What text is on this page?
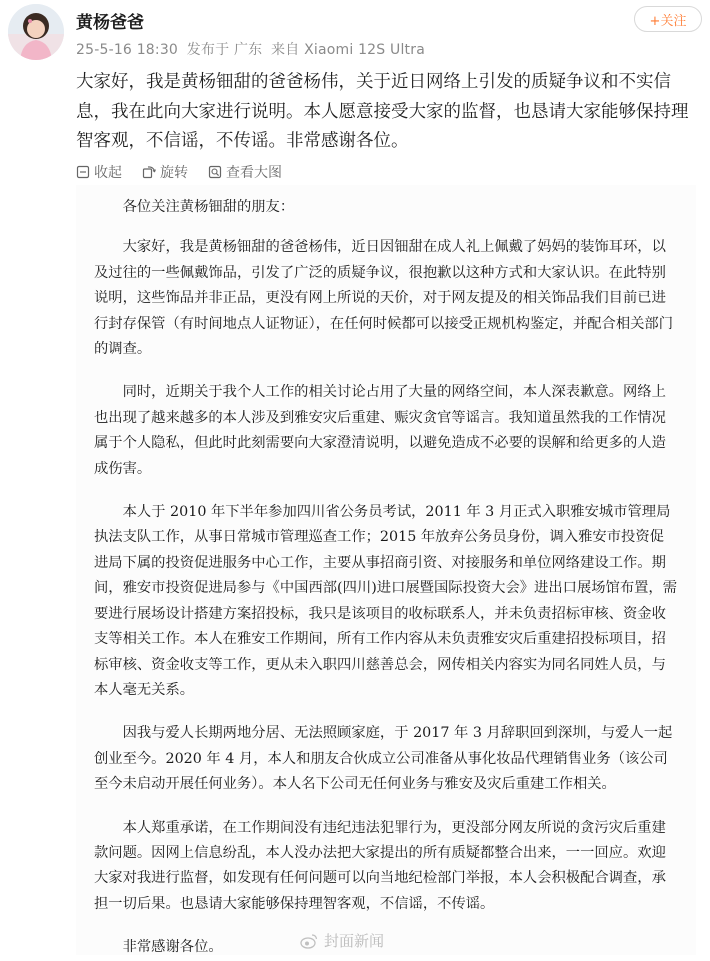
黄杨爸爸
25-5-16 18:30 发布于 广东 来自 Xiaomi 12S Ultra
+关注
大家好，我是黄杨钿甜的爸爸杨伟，关于近日网络上引发的质疑争议和不实信息，我在此向大家进行说明。本人愿意接受大家的监督，也恳请大家能够保持理智客观，不信谣，不传谣。非常感谢各位。
收起	旋转	查看大图

各位关注黄杨钿甜的朋友：

大家好，我是黄杨钿甜的爸爸杨伟，近日因钿甜在成人礼上佩戴了妈妈的装饰耳环，以及过往的一些佩戴饰品，引发了广泛的质疑争议，很抱歉以这种方式和大家认识。在此特别说明，这些饰品并非正品，更没有网上所说的天价，对于网友提及的相关饰品我们目前已进行封存保管（有时间地点人证物证），在任何时候都可以接受正规机构鉴定，并配合相关部门的调查。

同时，近期关于我个人工作的相关讨论占用了大量的网络空间，本人深表歉意。网络上也出现了越来越多的本人涉及到雅安灾后重建、赈灾贪官等谣言。我知道虽然我的工作情况属于个人隐私，但此时此刻需要向大家澄清说明，以避免造成不必要的误解和给更多的人造成伤害。

本人于 2010 年下半年参加四川省公务员考试，2011 年 3 月正式入职雅安城市管理局执法支队工作，从事日常城市管理巡查工作；2015 年放弃公务员身份，调入雅安市投资促进局下属的投资促进服务中心工作，主要从事招商引资、对接服务和单位网络建设工作。期间，雅安市投资促进局参与《中国西部(四川)进口展暨国际投资大会》进出口展场馆布置，需要进行展场设计搭建方案招投标，我只是该项目的收标联系人，并未负责招标审核、资金收支等相关工作。本人在雅安工作期间，所有工作内容从未负责雅安灾后重建招投标项目，招标审核、资金收支等工作，更从未入职四川慈善总会，网传相关内容实为同名同姓人员，与本人毫无关系。

因我与爱人长期两地分居、无法照顾家庭，于 2017 年 3 月辞职回到深圳，与爱人一起创业至今。2020 年 4 月，本人和朋友合伙成立公司准备从事化妆品代理销售业务（该公司至今未启动开展任何业务）。本人名下公司无任何业务与雅安及灾后重建工作相关。

本人郑重承诺，在工作期间没有违纪违法犯罪行为，更没部分网友所说的贪污灾后重建款问题。因网上信息纷乱，本人没办法把大家提出的所有质疑都整合出来，一一回应。欢迎大家对我进行监督，如发现有任何问题可以向当地纪检部门举报，本人会积极配合调查，承担一切后果。也恳请大家能够保持理智客观，不信谣，不传谣。

非常感谢各位。	封面新闻
